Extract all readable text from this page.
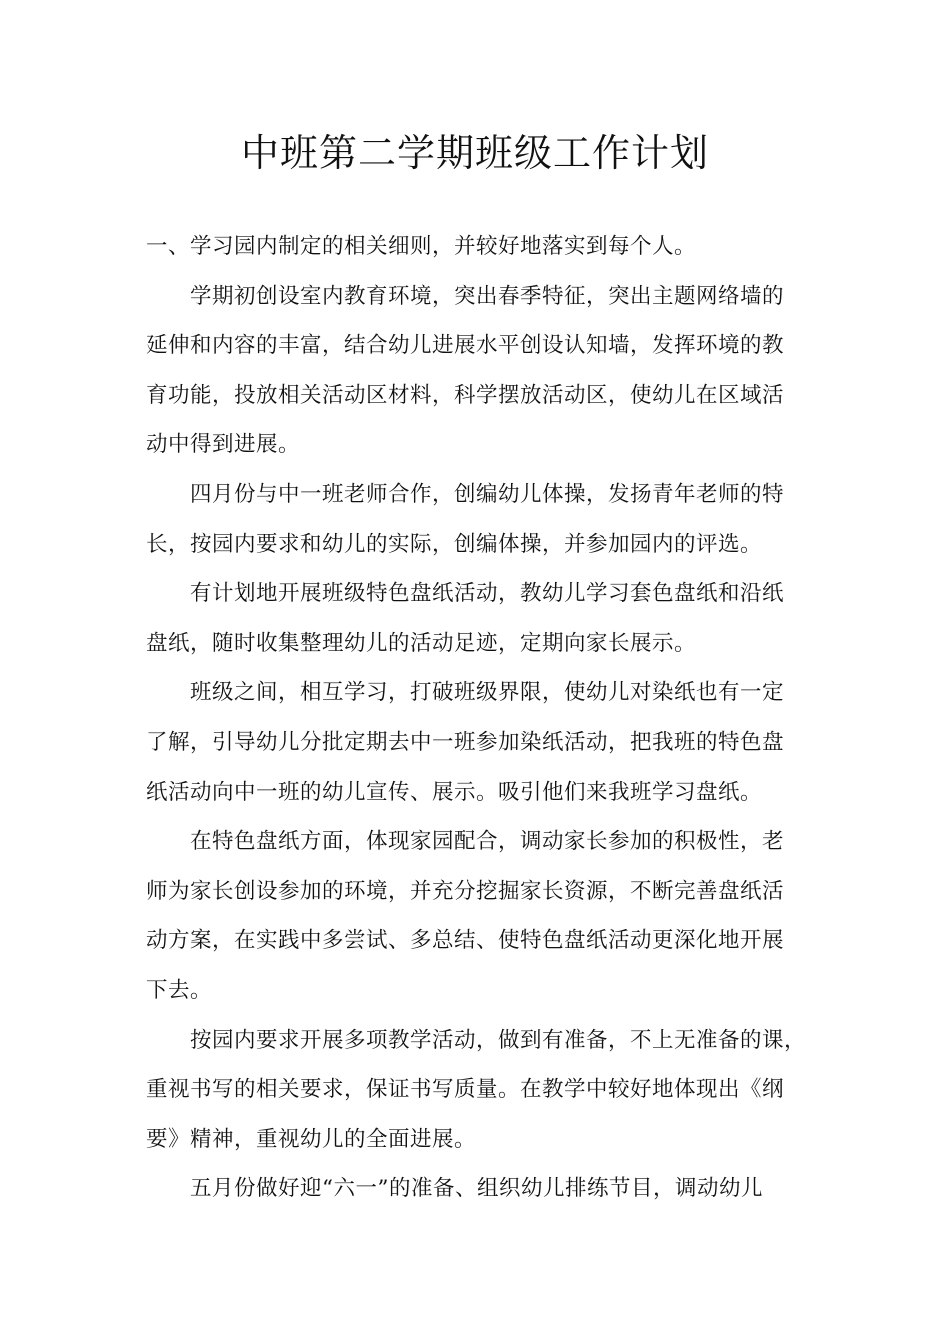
中班第二学期班级工作计划
一、学习园内制定的相关细则，并较好地落实到每个人。
学期初创设室内教育环境，突出春季特征，突出主题网络墙的
延伸和内容的丰富，结合幼儿进展水平创设认知墙，发挥环境的教
育功能，投放相关活动区材料，科学摆放活动区，使幼儿在区域活
动中得到进展。
四月份与中一班老师合作，创编幼儿体操，发扬青年老师的特
长，按园内要求和幼儿的实际，创编体操，并参加园内的评选。
有计划地开展班级特色盘纸活动，教幼儿学习套色盘纸和沿纸
盘纸，随时收集整理幼儿的活动足迹，定期向家长展示。
班级之间，相互学习，打破班级界限，使幼儿对染纸也有一定
了解，引导幼儿分批定期去中一班参加染纸活动，把我班的特色盘
纸活动向中一班的幼儿宣传、展示。吸引他们来我班学习盘纸。
在特色盘纸方面，体现家园配合，调动家长参加的积极性，老
师为家长创设参加的环境，并充分挖掘家长资源，不断完善盘纸活
动方案，在实践中多尝试、多总结、使特色盘纸活动更深化地开展
下去。
按园内要求开展多项教学活动，做到有准备，不上无准备的课，
重视书写的相关要求，保证书写质量。在教学中较好地体现出《纲
要》精神，重视幼儿的全面进展。
五月份做好迎“六一”的准备、组织幼儿排练节目，调动幼儿
